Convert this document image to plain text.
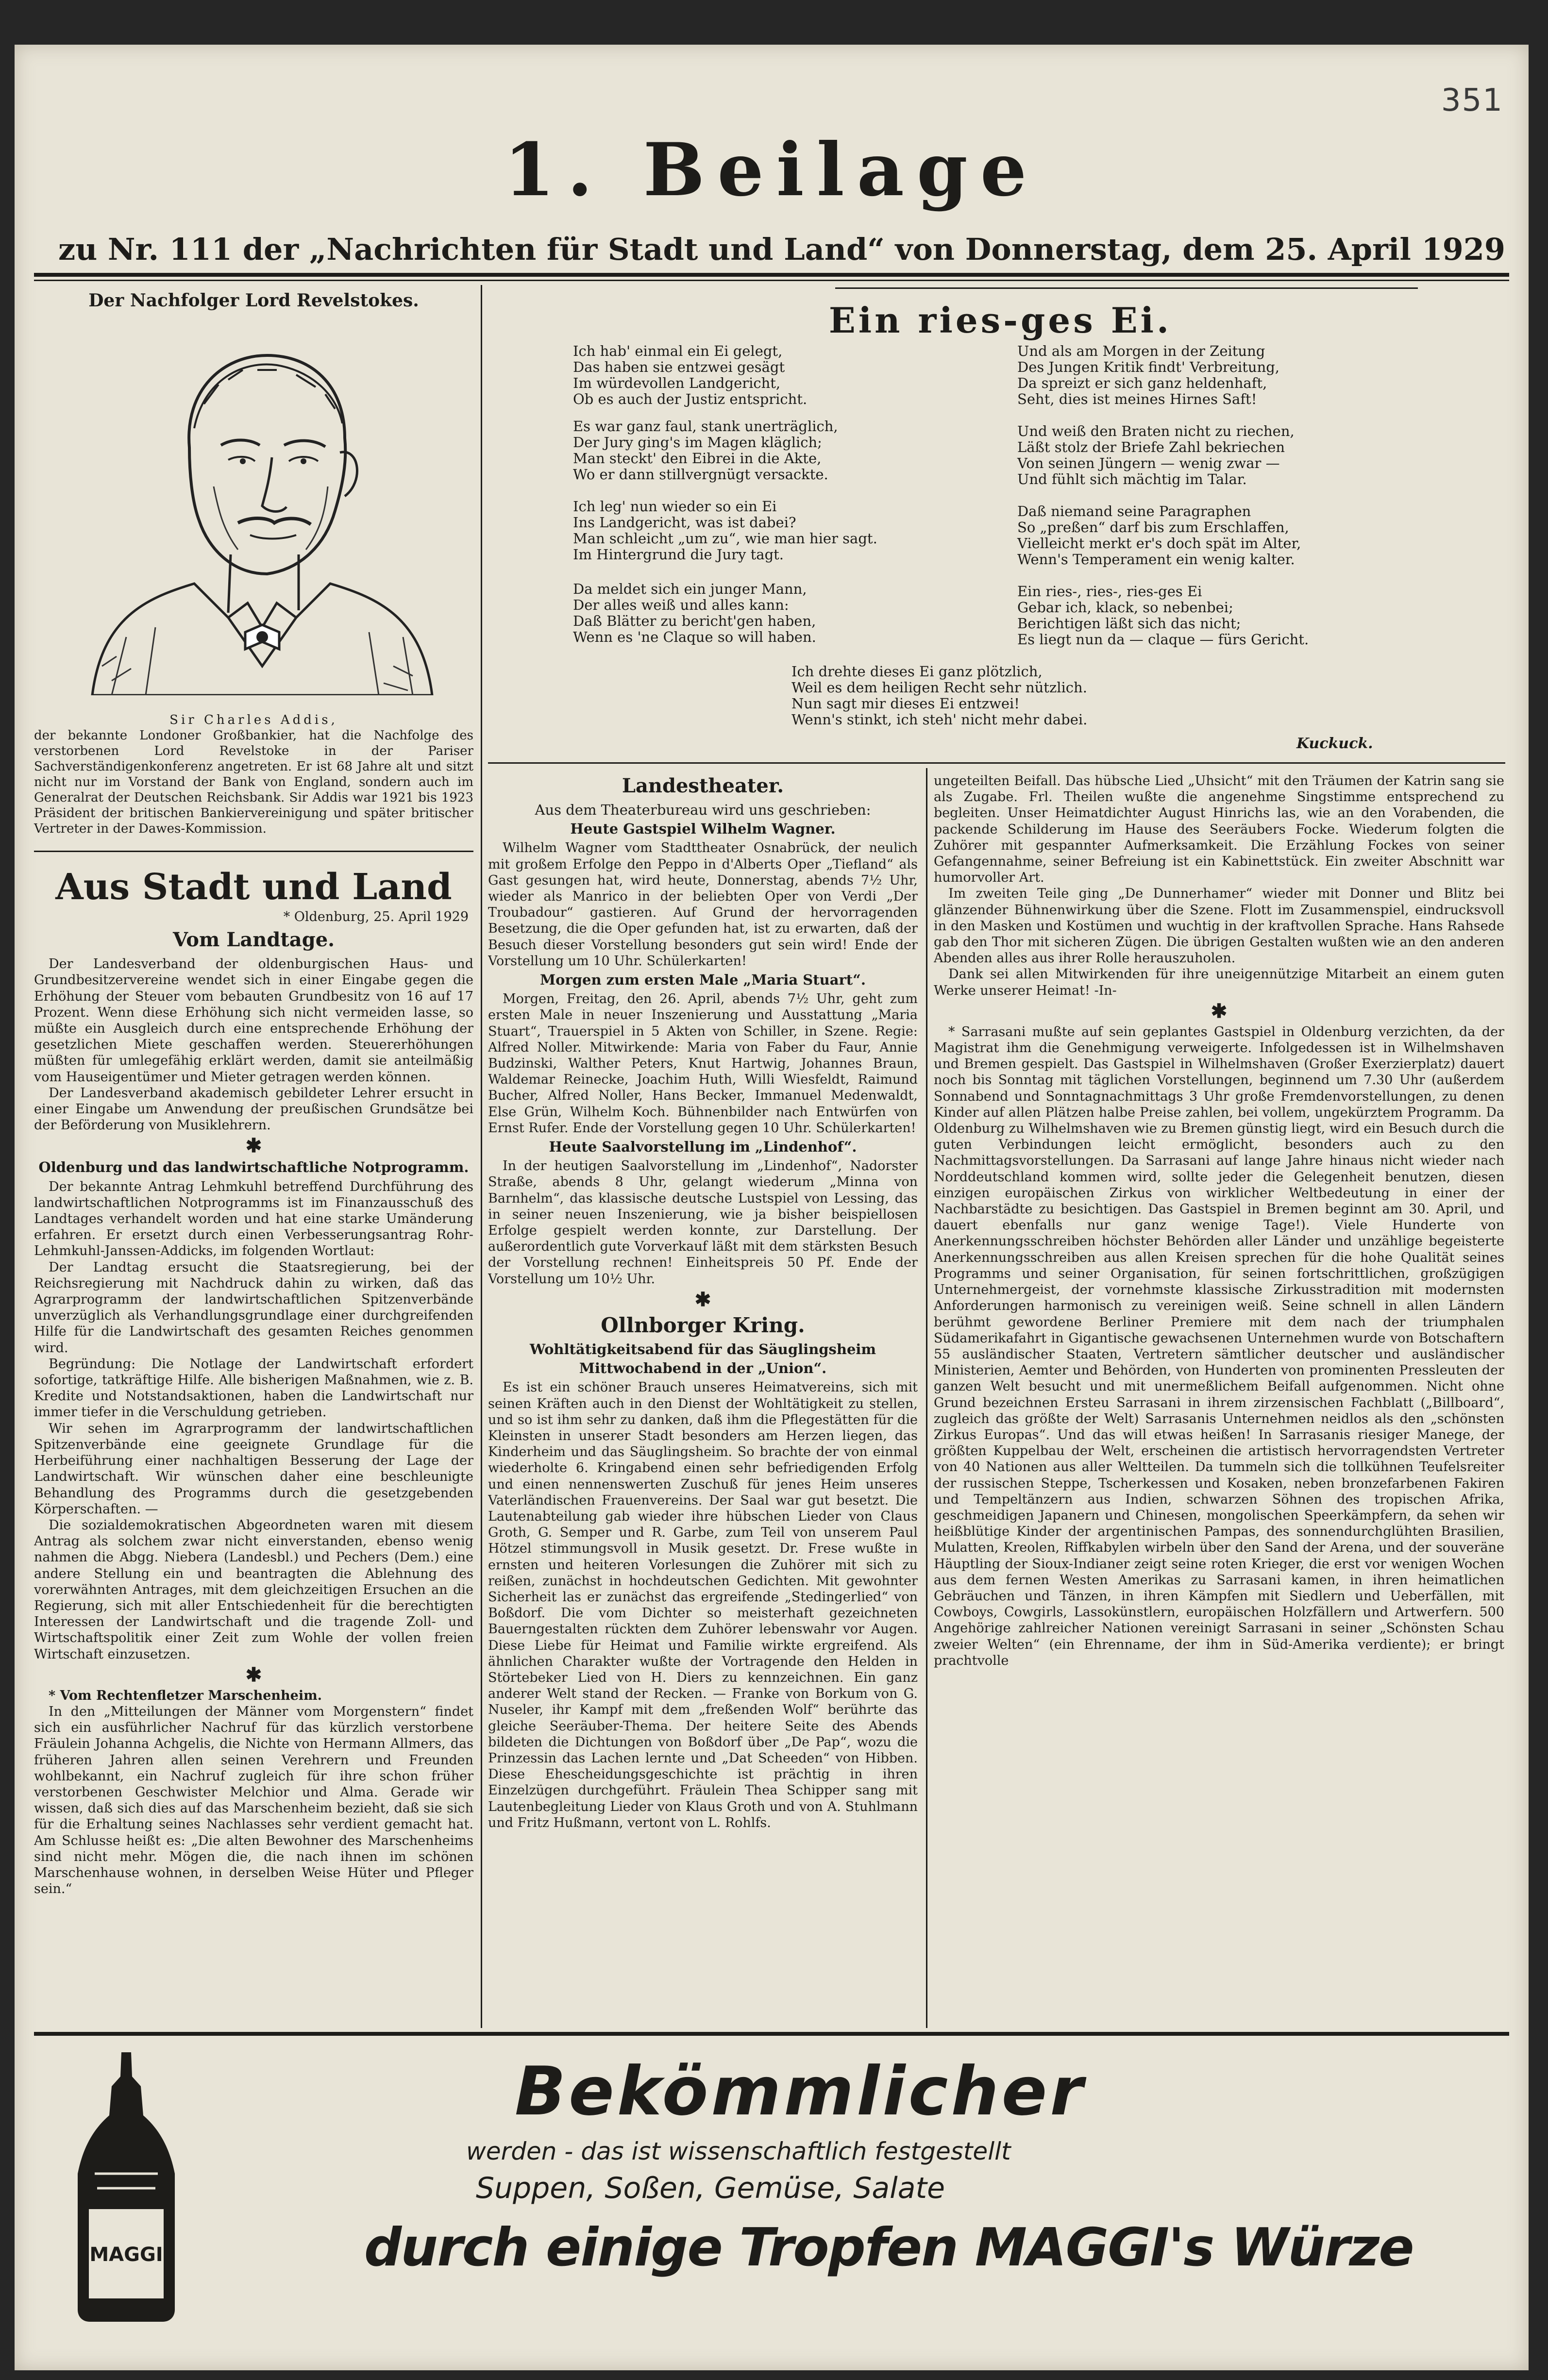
351
1. Beilage
zu Nr. 111 der „Nachrichten für Stadt und Land“ von Donnerstag, dem 25. April 1929
Der Nachfolger Lord Revelstokes.
Sir Charles Addis,
der bekannte Londoner Großbankier, hat die Nachfolge des verstorbenen Lord Revelstoke in der Pariser Sachverständigenkonferenz angetreten. Er ist 68 Jahre alt und sitzt nicht nur im Vorstand der Bank von England, sondern auch im Generalrat der Deutschen Reichsbank. Sir Addis war 1921 bis 1923 Präsident der britischen Bankiervereinigung und später britischer Vertreter in der Dawes-Kommission.
Aus Stadt und Land
* Oldenburg, 25. April 1929
Vom Landtage.

Der Landesverband der oldenburgischen Haus- und Grundbesitzervereine wendet sich in einer Eingabe gegen die Erhöhung der Steuer vom bebauten Grundbesitz von 16 auf 17 Prozent. Wenn diese Erhöhung sich nicht vermeiden lasse, so müßte ein Ausgleich durch eine entsprechende Erhöhung der gesetzlichen Miete geschaffen werden. Steuererhöhungen müßten für umlegefähig erklärt werden, damit sie anteilmäßig vom Hauseigentümer und Mieter getragen werden können.

Der Landesverband akademisch gebildeter Lehrer ersucht in einer Eingabe um Anwendung der preußischen Grundsätze bei der Beförderung von Musiklehrern.

✱
Oldenburg und das landwirtschaftliche Notprogramm.

Der bekannte Antrag Lehmkuhl betreffend Durchführung des landwirtschaftlichen Notprogramms ist im Finanzausschuß des Landtages verhandelt worden und hat eine starke Umänderung erfahren. Er ersetzt durch einen Verbesserungsantrag Rohr-Lehmkuhl-Janssen-Addicks, im folgenden Wortlaut:

Der Landtag ersucht die Staatsregierung, bei der Reichsregierung mit Nachdruck dahin zu wirken, daß das Agrarprogramm der landwirtschaftlichen Spitzenverbände unverzüglich als Verhandlungsgrundlage einer durchgreifenden Hilfe für die Landwirtschaft des gesamten Reiches genommen wird.

Begründung: Die Notlage der Landwirtschaft erfordert sofortige, tatkräftige Hilfe. Alle bisherigen Maßnahmen, wie z. B. Kredite und Notstandsaktionen, haben die Landwirtschaft nur immer tiefer in die Verschuldung getrieben.

Wir sehen im Agrarprogramm der landwirtschaftlichen Spitzenverbände eine geeignete Grundlage für die Herbeiführung einer nachhaltigen Besserung der Lage der Landwirtschaft. Wir wünschen daher eine beschleunigte Behandlung des Programms durch die gesetzgebenden Körperschaften. —

Die sozialdemokratischen Abgeordneten waren mit diesem Antrag als solchem zwar nicht einverstanden, ebenso wenig nahmen die Abgg. Niebera (Landesbl.) und Pechers (Dem.) eine andere Stellung ein und beantragten die Ablehnung des vorerwähnten Antrages, mit dem gleichzeitigen Ersuchen an die Regierung, sich mit aller Entschiedenheit für die berechtigten Interessen der Landwirtschaft und die tragende Zoll- und Wirtschaftspolitik einer Zeit zum Wohle der vollen freien Wirtschaft einzusetzen.

✱

* Vom Rechtenfletzer Marschenheim.

In den „Mitteilungen der Männer vom Morgenstern“ findet sich ein ausführlicher Nachruf für das kürzlich verstorbene Fräulein Johanna Achgelis, die Nichte von Hermann Allmers, das früheren Jahren allen seinen Verehrern und Freunden wohlbekannt, ein Nachruf zugleich für ihre schon früher verstorbenen Geschwister Melchior und Alma. Gerade wir wissen, daß sich dies auf das Marschenheim bezieht, daß sie sich für die Erhaltung seines Nachlasses sehr verdient gemacht hat. Am Schlusse heißt es: „Die alten Bewohner des Marschenheims sind nicht mehr. Mögen die, die nach ihnen im schönen Marschenhause wohnen, in derselben Weise Hüter und Pfleger sein.“

Ein ries-ges Ei.
Ich hab' einmal ein Ei gelegt,
Das haben sie entzwei gesägt
Im würdevollen Landgericht,
Ob es auch der Justiz entspricht.
Es war ganz faul, stank unerträglich,
Der Jury ging's im Magen kläglich;
Man steckt' den Eibrei in die Akte,
Wo er dann stillvergnügt versackte.
Ich leg' nun wieder so ein Ei
Ins Landgericht, was ist dabei?
Man schleicht „um zu“, wie man hier sagt.
Im Hintergrund die Jury tagt.
Da meldet sich ein junger Mann,
Der alles weiß und alles kann:
Daß Blätter zu bericht'gen haben,
Wenn es 'ne Claque so will haben.
Und als am Morgen in der Zeitung
Des Jungen Kritik findt' Verbreitung,
Da spreizt er sich ganz heldenhaft,
Seht, dies ist meines Hirnes Saft!
Und weiß den Braten nicht zu riechen,
Läßt stolz der Briefe Zahl bekriechen
Von seinen Jüngern — wenig zwar —
Und fühlt sich mächtig im Talar.
Daß niemand seine Paragraphen
So „preßen“ darf bis zum Erschlaffen,
Vielleicht merkt er's doch spät im Alter,
Wenn's Temperament ein wenig kalter.
Ein ries-, ries-, ries-ges Ei
Gebar ich, klack, so nebenbei;
Berichtigen läßt sich das nicht;
Es liegt nun da — claque — fürs Gericht.
Ich drehte dieses Ei ganz plötzlich,
Weil es dem heiligen Recht sehr nützlich.
Nun sagt mir dieses Ei entzwei!
Wenn's stinkt, ich steh' nicht mehr dabei.
Kuckuck.
Landestheater.
Aus dem Theaterbureau wird uns geschrieben:
Heute Gastspiel Wilhelm Wagner.

Wilhelm Wagner vom Stadttheater Osnabrück, der neulich mit großem Erfolge den Peppo in d'Alberts Oper „Tiefland“ als Gast gesungen hat, wird heute, Donnerstag, abends 7½ Uhr, wieder als Manrico in der beliebten Oper von Verdi „Der Troubadour“ gastieren. Auf Grund der hervorragenden Besetzung, die die Oper gefunden hat, ist zu erwarten, daß der Besuch dieser Vorstellung besonders gut sein wird! Ende der Vorstellung um 10 Uhr. Schülerkarten!

Morgen zum ersten Male „Maria Stuart“.

Morgen, Freitag, den 26. April, abends 7½ Uhr, geht zum ersten Male in neuer Inszenierung und Ausstattung „Maria Stuart“, Trauerspiel in 5 Akten von Schiller, in Szene. Regie: Alfred Noller. Mitwirkende: Maria von Faber du Faur, Annie Budzinski, Walther Peters, Knut Hartwig, Johannes Braun, Waldemar Reinecke, Joachim Huth, Willi Wiesfeldt, Raimund Bucher, Alfred Noller, Hans Becker, Immanuel Medenwaldt, Else Grün, Wilhelm Koch. Bühnenbilder nach Entwürfen von Ernst Rufer. Ende der Vorstellung gegen 10 Uhr. Schülerkarten!

Heute Saalvorstellung im „Lindenhof“.

In der heutigen Saalvorstellung im „Lindenhof“, Nadorster Straße, abends 8 Uhr, gelangt wiederum „Minna von Barnhelm“, das klassische deutsche Lustspiel von Lessing, das in seiner neuen Inszenierung, wie ja bisher beispiellosen Erfolge gespielt werden konnte, zur Darstellung. Der außerordentlich gute Vorverkauf läßt mit dem stärksten Besuch der Vorstellung rechnen! Einheitspreis 50 Pf. Ende der Vorstellung um 10½ Uhr.

✱
Ollnborger Kring.
Wohltätigkeitsabend für das Säuglingsheim
Mittwochabend in der „Union“.

Es ist ein schöner Brauch unseres Heimatvereins, sich mit seinen Kräften auch in den Dienst der Wohltätigkeit zu stellen, und so ist ihm sehr zu danken, daß ihm die Pflegestätten für die Kleinsten in unserer Stadt besonders am Herzen liegen, das Kinderheim und das Säuglingsheim. So brachte der von einmal wiederholte 6. Kringabend einen sehr befriedigenden Erfolg und einen nennenswerten Zuschuß für jenes Heim unseres Vaterländischen Frauenvereins. Der Saal war gut besetzt. Die Lautenabteilung gab wieder ihre hübschen Lieder von Claus Groth, G. Semper und R. Garbe, zum Teil von unserem Paul Hötzel stimmungsvoll in Musik gesetzt. Dr. Frese wußte in ernsten und heiteren Vorlesungen die Zuhörer mit sich zu reißen, zunächst in hochdeutschen Gedichten. Mit gewohnter Sicherheit las er zunächst das ergreifende „Stedingerlied“ von Boßdorf. Die vom Dichter so meisterhaft gezeichneten Bauerngestalten rückten dem Zuhörer lebenswahr vor Augen. Diese Liebe für Heimat und Familie wirkte ergreifend. Als ähnlichen Charakter wußte der Vortragende den Helden in Störtebeker Lied von H. Diers zu kennzeichnen. Ein ganz anderer Welt stand der Recken. — Franke von Borkum von G. Nuseler, ihr Kampf mit dem „freßenden Wolf“ berührte das gleiche Seeräuber-Thema. Der heitere Seite des Abends bildeten die Dichtungen von Boßdorf über „De Pap“, wozu die Prinzessin das Lachen lernte und „Dat Scheeden“ von Hibben. Diese Ehescheidungsgeschichte ist prächtig in ihren Einzelzügen durchgeführt. Fräulein Thea Schipper sang mit Lautenbegleitung Lieder von Klaus Groth und von A. Stuhlmann und Fritz Hußmann, vertont von L. Rohlfs.

ungeteilten Beifall. Das hübsche Lied „Uhsicht“ mit den Träumen der Katrin sang sie als Zugabe. Frl. Theilen wußte die angenehme Singstimme entsprechend zu begleiten. Unser Heimatdichter August Hinrichs las, wie an den Vorabenden, die packende Schilderung im Hause des Seeräubers Focke. Wiederum folgten die Zuhörer mit gespannter Aufmerksamkeit. Die Erzählung Fockes von seiner Gefangennahme, seiner Befreiung ist ein Kabinettstück. Ein zweiter Abschnitt war humorvoller Art.

Im zweiten Teile ging „De Dunnerhamer“ wieder mit Donner und Blitz bei glänzender Bühnenwirkung über die Szene. Flott im Zusammenspiel, eindrucksvoll in den Masken und Kostümen und wuchtig in der kraftvollen Sprache. Hans Rahsede gab den Thor mit sicheren Zügen. Die übrigen Gestalten wußten wie an den anderen Abenden alles aus ihrer Rolle herauszuholen.

Dank sei allen Mitwirkenden für ihre uneigennützige Mitarbeit an einem guten Werke unserer Heimat! -In-

✱

* Sarrasani mußte auf sein geplantes Gastspiel in Oldenburg verzichten, da der Magistrat ihm die Genehmigung verweigerte. Infolgedessen ist in Wilhelmshaven und Bremen gespielt. Das Gastspiel in Wilhelmshaven (Großer Exerzierplatz) dauert noch bis Sonntag mit täglichen Vorstellungen, beginnend um 7.30 Uhr (außerdem Sonnabend und Sonntagnachmittags 3 Uhr große Fremdenvorstellungen, zu denen Kinder auf allen Plätzen halbe Preise zahlen, bei vollem, ungekürztem Programm. Da Oldenburg zu Wilhelmshaven wie zu Bremen günstig liegt, wird ein Besuch durch die guten Verbindungen leicht ermöglicht, besonders auch zu den Nachmittagsvorstellungen. Da Sarrasani auf lange Jahre hinaus nicht wieder nach Norddeutschland kommen wird, sollte jeder die Gelegenheit benutzen, diesen einzigen europäischen Zirkus von wirklicher Weltbedeutung in einer der Nachbarstädte zu besichtigen. Das Gastspiel in Bremen beginnt am 30. April, und dauert ebenfalls nur ganz wenige Tage!). Viele Hunderte von Anerkennungsschreiben höchster Behörden aller Länder und unzählige begeisterte Anerkennungsschreiben aus allen Kreisen sprechen für die hohe Qualität seines Programms und seiner Organisation, für seinen fortschrittlichen, großzügigen Unternehmergeist, der vornehmste klassische Zirkusstradition mit modernsten Anforderungen harmonisch zu vereinigen weiß. Seine schnell in allen Ländern berühmt gewordene Berliner Premiere mit dem nach der triumphalen Südamerikafahrt in Gigantische gewachsenen Unternehmen wurde von Botschaftern 55 ausländischer Staaten, Vertretern sämtlicher deutscher und ausländischer Ministerien, Aemter und Behörden, von Hunderten von prominenten Pressleuten der ganzen Welt besucht und mit unermeßlichem Beifall aufgenommen. Nicht ohne Grund bezeichnen Ersteu Sarrasani in ihrem zirzensischen Fachblatt („Billboard“, zugleich das größte der Welt) Sarrasanis Unternehmen neidlos als den „schönsten Zirkus Europas“. Und das will etwas heißen! In Sarrasanis riesiger Manege, der größten Kuppelbau der Welt, erscheinen die artistisch hervorragendsten Vertreter von 40 Nationen aus aller Weltteilen. Da tummeln sich die tollkühnen Teufelsreiter der russischen Steppe, Tscherkessen und Kosaken, neben bronzefarbenen Fakiren und Tempeltänzern aus Indien, schwarzen Söhnen des tropischen Afrika, geschmeidigen Japanern und Chinesen, mongolischen Speerkämpfern, da sehen wir heißblütige Kinder der argentinischen Pampas, des sonnendurchglühten Brasilien, Mulatten, Kreolen, Riffkabylen wirbeln über den Sand der Arena, und der souveräne Häuptling der Sioux-Indianer zeigt seine roten Krieger, die erst vor wenigen Wochen aus dem fernen Westen Amerikas zu Sarrasani kamen, in ihren heimatlichen Gebräuchen und Tänzen, in ihren Kämpfen mit Siedlern und Ueberfällen, mit Cowboys, Cowgirls, Lassokünstlern, europäischen Holzfällern und Artwerfern. 500 Angehörige zahlreicher Nationen vereinigt Sarrasani in seiner „Schönsten Schau zweier Welten“ (ein Ehrenname, der ihm in Süd-Amerika verdiente); er bringt prachtvolle

MAGGI
Bekömmlicher
werden - das ist wissenschaftlich festgestellt
Suppen, Soßen, Gemüse, Salate
durch einige Tropfen MAGGI's Würze
